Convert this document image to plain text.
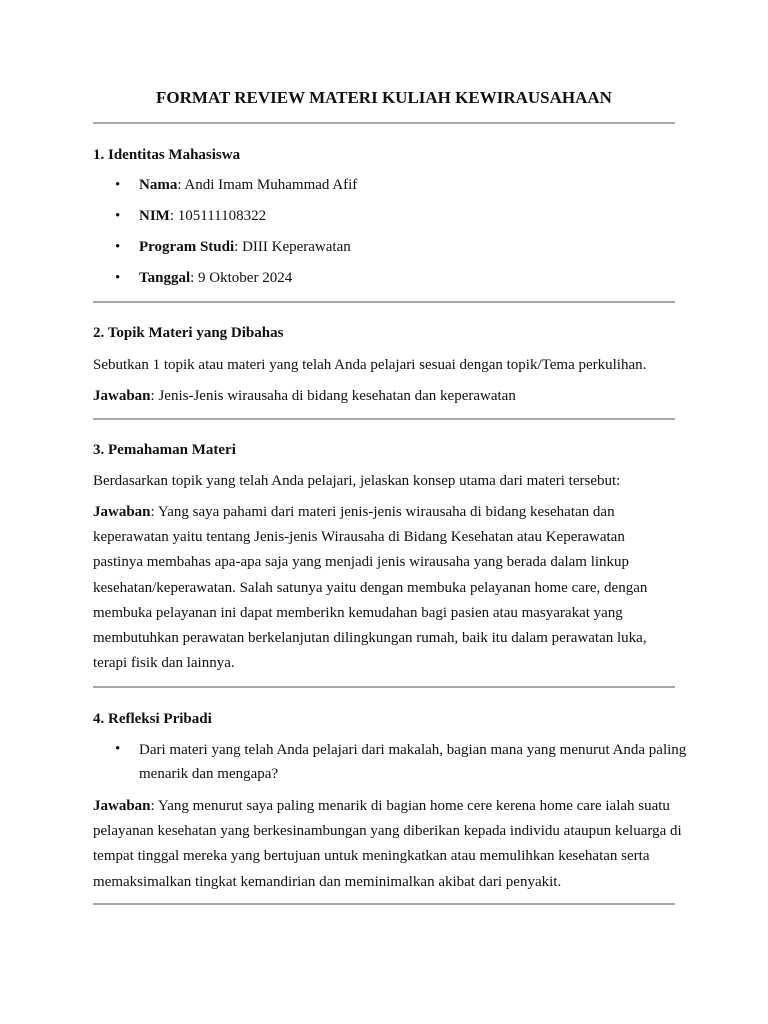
FORMAT REVIEW MATERI KULIAH KEWIRAUSAHAAN

1. Identitas Mahasiswa

•	Nama: Andi Imam Muhammad Afif
•	NIM: 105111108322
•	Program Studi: DIII Keperawatan
•	Tanggal: 9 Oktober 2024

2. Topik Materi yang Dibahas

Sebutkan 1 topik atau materi yang telah Anda pelajari sesuai dengan topik/Tema perkulihan.

Jawaban: Jenis-Jenis wirausaha di bidang kesehatan dan keperawatan

3. Pemahaman Materi

Berdasarkan topik yang telah Anda pelajari, jelaskan konsep utama dari materi tersebut:

Jawaban: Yang saya pahami dari materi jenis-jenis wirausaha di bidang kesehatan dan keperawatan yaitu tentang Jenis-jenis Wirausaha di Bidang Kesehatan atau Keperawatan pastinya membahas apa-apa saja yang menjadi jenis wirausaha yang berada dalam linkup kesehatan/keperawatan. Salah satunya yaitu dengan membuka pelayanan home care, dengan membuka pelayanan ini dapat memberikn kemudahan bagi pasien atau masyarakat yang membutuhkan perawatan berkelanjutan dilingkungan rumah, baik itu dalam perawatan luka, terapi fisik dan lainnya.

4. Refleksi Pribadi

•	Dari materi yang telah Anda pelajari dari makalah, bagian mana yang menurut Anda paling menarik dan mengapa?

Jawaban: Yang menurut saya paling menarik di bagian home cere kerena home care ialah suatu pelayanan kesehatan yang berkesinambungan yang diberikan kepada individu ataupun keluarga di tempat tinggal mereka yang bertujuan untuk meningkatkan atau memulihkan kesehatan serta memaksimalkan tingkat kemandirian dan meminimalkan akibat dari penyakit.
